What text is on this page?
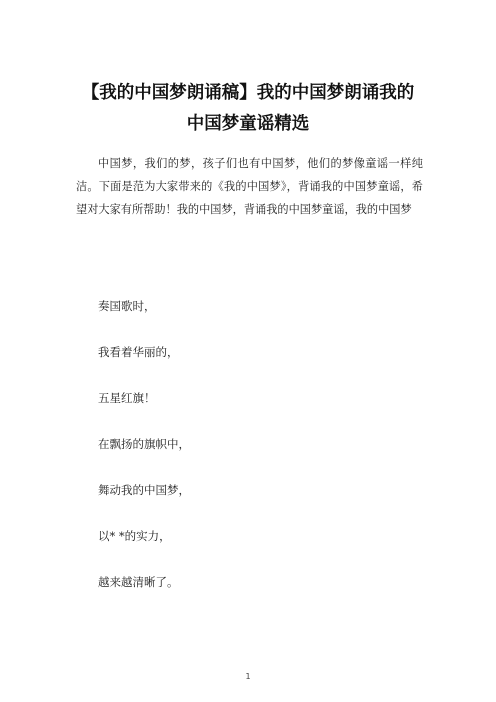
【我的中国梦朗诵稿】我的中国梦朗诵我的
中国梦童谣精选

中国梦，我们的梦，孩子们也有中国梦，他们的梦像童谣一样纯洁。下面是范为大家带来的《我的中国梦》，背诵我的中国梦童谣，希望对大家有所帮助！我的中国梦，背诵我的中国梦童谣，我的中国梦

奏国歌时，
我看着华丽的，
五星红旗！
在飘扬的旗帜中，
舞动我的中国梦，
以* *的实力，
越来越清晰了。
1
